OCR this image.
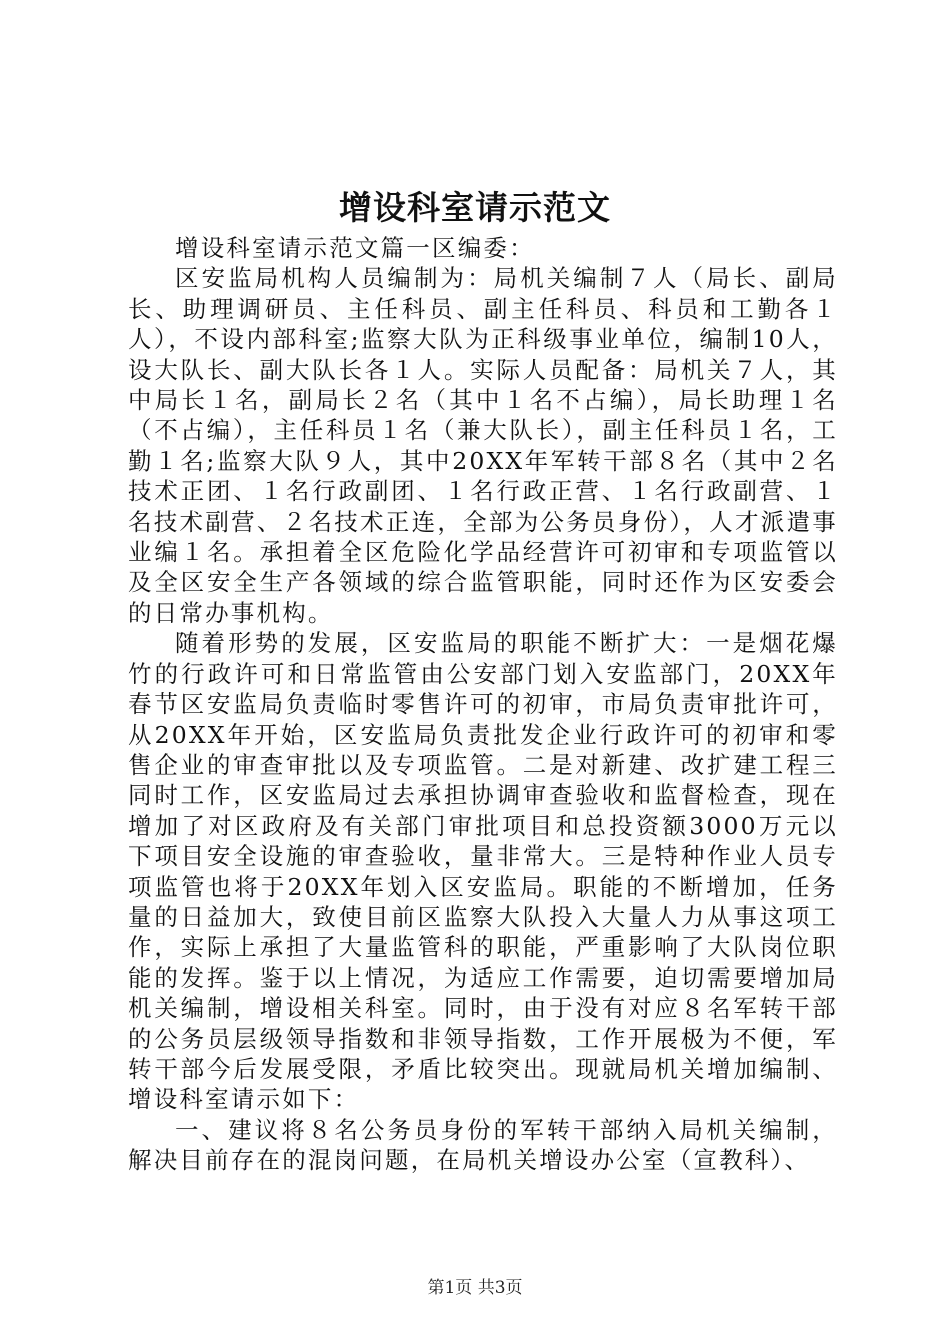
增设科室请示范文

增设科室请示范文篇一区编委：

区安监局机构人员编制为：局机关编制７人（局长、副局长、助理调研员、主任科员、副主任科员、科员和工勤各１人），不设内部科室;监察大队为正科级事业单位，编制10人，设大队长、副大队长各１人。实际人员配备：局机关７人，其中局长１名，副局长２名（其中１名不占编），局长助理１名（不占编），主任科员１名（兼大队长），副主任科员１名，工勤１名;监察大队９人，其中20XX年军转干部８名（其中２名技术正团、１名行政副团、１名行政正营、１名行政副营、１名技术副营、２名技术正连，全部为公务员身份），人才派遣事业编１名。承担着全区危险化学品经营许可初审和专项监管以及全区安全生产各领域的综合监管职能，同时还作为区安委会的日常办事机构。

随着形势的发展，区安监局的职能不断扩大：一是烟花爆竹的行政许可和日常监管由公安部门划入安监部门，20XX年春节区安监局负责临时零售许可的初审，市局负责审批许可，从20XX年开始，区安监局负责批发企业行政许可的初审和零售企业的审查审批以及专项监管。二是对新建、改扩建工程三同时工作，区安监局过去承担协调审查验收和监督检查，现在增加了对区政府及有关部门审批项目和总投资额3000万元以下项目安全设施的审查验收，量非常大。三是特种作业人员专项监管也将于20XX年划入区安监局。职能的不断增加，任务量的日益加大，致使目前区监察大队投入大量人力从事这项工作，实际上承担了大量监管科的职能，严重影响了大队岗位职能的发挥。鉴于以上情况，为适应工作需要，迫切需要增加局机关编制，增设相关科室。同时，由于没有对应８名军转干部的公务员层级领导指数和非领导指数，工作开展极为不便，军转干部今后发展受限，矛盾比较突出。现就局机关增加编制、增设科室请示如下：

一、建议将８名公务员身份的军转干部纳入局机关编制，解决目前存在的混岗问题，在局机关增设办公室（宣教科）、

第1页 共3页
